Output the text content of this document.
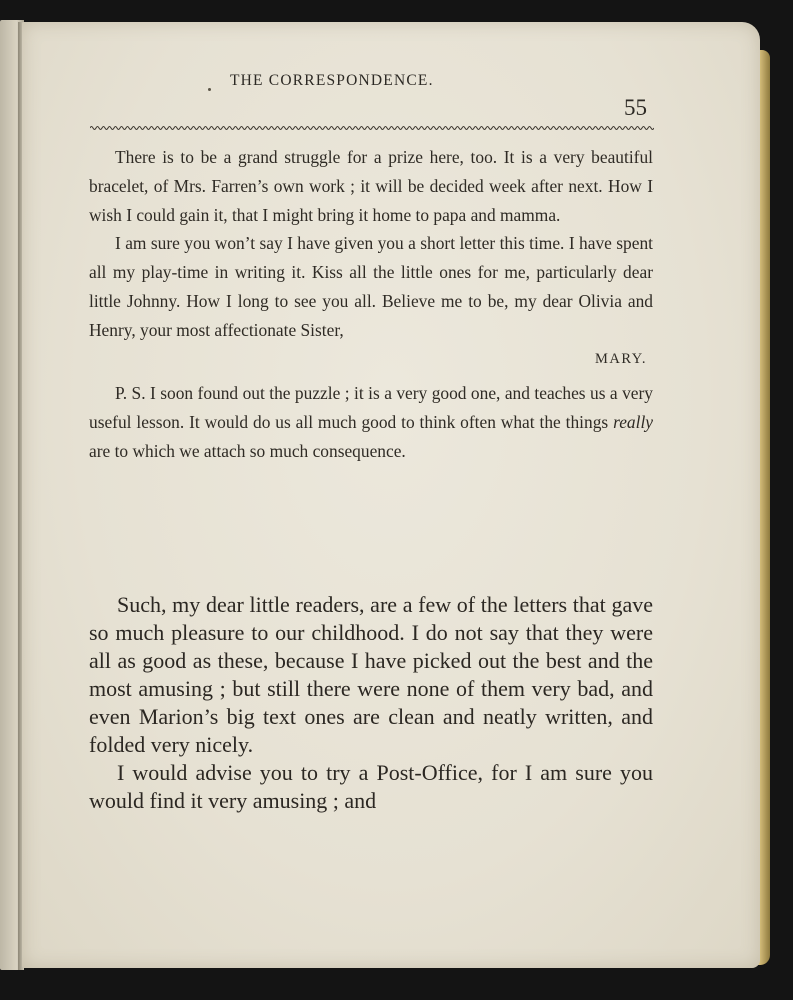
THE CORRESPONDENCE.
55

There is to be a grand struggle for a prize here, too. It is a very beautiful bracelet, of Mrs. Farren’s own work ; it will be decided week after next. How I wish I could gain it, that I might bring it home to papa and mamma.

I am sure you won’t say I have given you a short letter this time. I have spent all my play-time in writing it. Kiss all the little ones for me, particularly dear little Johnny. How I long to see you all. Believe me to be, my dear Olivia and Henry, your most affectionate Sister,

MARY.

P. S. I soon found out the puzzle ; it is a very good one, and teaches us a very useful lesson. It would do us all much good to think often what the things really are to which we attach so much consequence.

Such, my dear little readers, are a few of the letters that gave so much pleasure to our childhood. I do not say that they were all as good as these, because I have picked out the best and the most amusing ; but still there were none of them very bad, and even Marion’s big text ones are clean and neatly written, and folded very nicely.

I would advise you to try a Post-Office, for I am sure you would find it very amusing ; and
